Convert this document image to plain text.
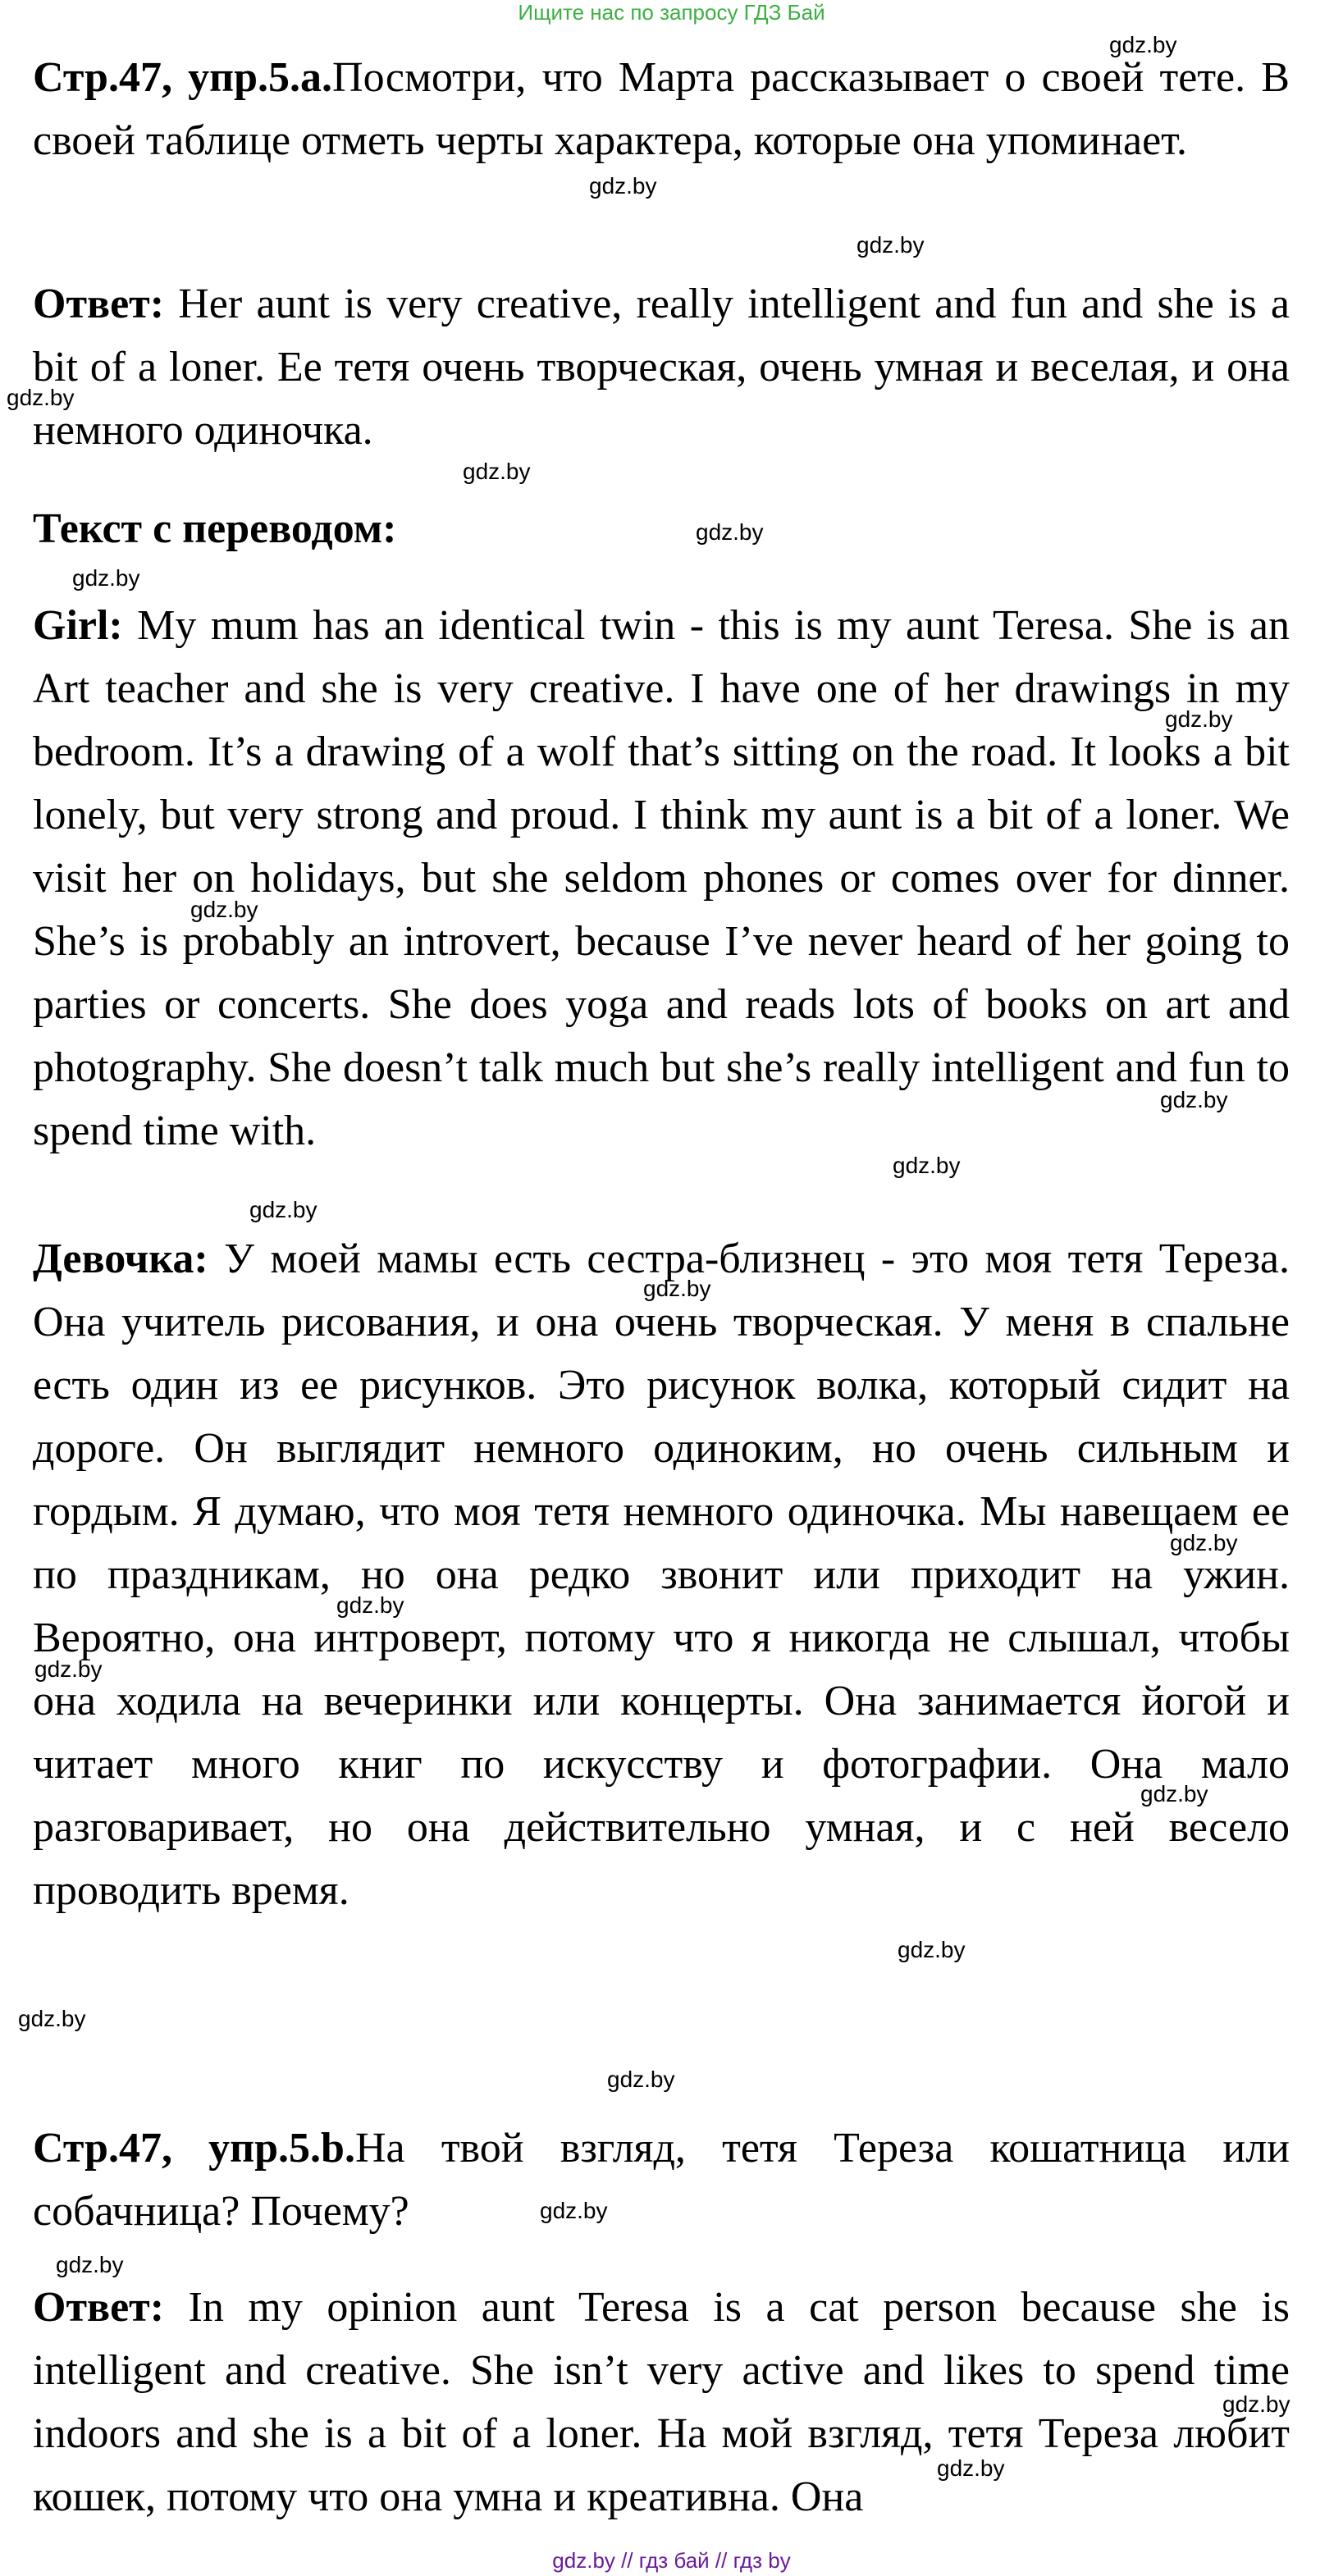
Ищите нас по запросу ГДЗ Бай
Стр.47, упр.5.а.Посмотри, что Марта рассказывает о своей тете. В своей таблице отметь черты характера, которые она упоминает.
Ответ: Her aunt is very creative, really intelligent and fun and she is a bit of a loner. Ее тетя очень творческая, очень умная и веселая, и она немного одиночка.
Текст с переводом:
Girl: My mum has an identical twin - this is my aunt Teresa. She is an Art teacher and she is very creative. I have one of her drawings in my bedroom. It’s a drawing of a wolf that’s sitting on the road. It looks a bit lonely, but very strong and proud. I think my aunt is a bit of a loner. We visit her on holidays, but she seldom phones or comes over for dinner. She’s is probably an introvert, because I’ve never heard of her going to parties or concerts. She does yoga and reads lots of books on art and photography. She doesn’t talk much but she’s really intelligent and fun to spend time with.
Девочка: У моей мамы есть сестра-близнец - это моя тетя Тереза. Она учитель рисования, и она очень творческая. У меня в спальне есть один из ее рисунков. Это рисунок волка, который сидит на дороге. Он выглядит немного одиноким, но очень сильным и гордым. Я думаю, что моя тетя немного одиночка. Мы навещаем ее по праздникам, но она редко звонит или приходит на ужин. Вероятно, она интроверт, потому что я никогда не слышал, чтобы она ходила на вечеринки или концерты. Она занимается йогой и читает много книг по искусству и фотографии. Она мало разговаривает, но она действительно умная, и с ней весело проводить время.
Стр.47, упр.5.b.На твой взгляд, тетя Тереза кошатница или собачница? Почему?
Ответ: In my opinion aunt Teresa is a cat person because she is intelligent and creative. She isn’t very active and likes to spend time indoors and she is a bit of a loner. На мой взгляд, тетя Тереза любит кошек, потому что она умна и креативна. Она
gdz.by
gdz.by
gdz.by
gdz.by
gdz.by
gdz.by
gdz.by
gdz.by
gdz.by
gdz.by
gdz.by
gdz.by
gdz.by
gdz.by
gdz.by
gdz.by
gdz.by
gdz.by
gdz.by
gdz.by
gdz.by
gdz.by
gdz.by
gdz.by
gdz.by // гдз бай // гдз by
